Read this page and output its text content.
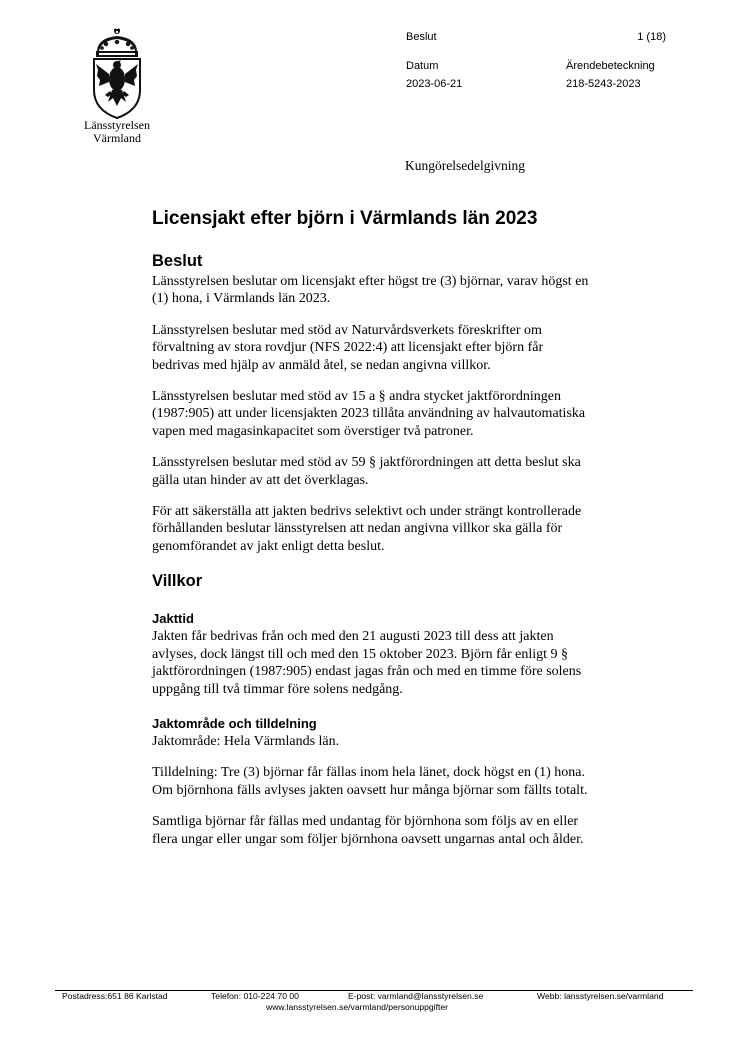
Länsstyrelsen
Värmland
Beslut	1 (18)
Datum
2023-06-21
Ärendebeteckning
218-5243-2023
Kungörelsedelgivning
Licensjakt efter björn i Värmlands län 2023
Beslut

Länsstyrelsen beslutar om licensjakt efter högst tre (3) björnar, varav högst en (1) hona, i Värmlands län 2023.

Länsstyrelsen beslutar med stöd av Naturvårdsverkets föreskrifter om förvaltning av stora rovdjur (NFS 2022:4) att licensjakt efter björn får bedrivas med hjälp av anmäld åtel, se nedan angivna villkor.

Länsstyrelsen beslutar med stöd av 15 a § andra stycket jaktförordningen (1987:905) att under licensjakten 2023 tillåta användning av halvautomatiska vapen med magasinkapacitet som överstiger två patroner.

Länsstyrelsen beslutar med stöd av 59 § jaktförordningen att detta beslut ska gälla utan hinder av att det överklagas.

För att säkerställa att jakten bedrivs selektivt och under strängt kontrollerade förhållanden beslutar länsstyrelsen att nedan angivna villkor ska gälla för genomförandet av jakt enligt detta beslut.

Villkor
Jakttid

Jakten får bedrivas från och med den 21 augusti 2023 till dess att jakten avlyses, dock längst till och med den 15 oktober 2023. Björn får enligt 9 § jaktförordningen (1987:905) endast jagas från och med en timme före solens uppgång till två timmar före solens nedgång.

Jaktområde och tilldelning

Jaktområde: Hela Värmlands län.

Tilldelning: Tre (3) björnar får fällas inom hela länet, dock högst en (1) hona. Om björnhona fälls avlyses jakten oavsett hur många björnar som fällts totalt.

Samtliga björnar får fällas med undantag för björnhona som följs av en eller flera ungar eller ungar som följer björnhona oavsett ungarnas antal och ålder.

Postadress:651 86 Karlstad	Telefon: 010-224 70 00	E-post: varmland@lansstyrelsen.se	Webb: lansstyrelsen.se/varmland
www.lansstyrelsen.se/varmland/personuppgifter
